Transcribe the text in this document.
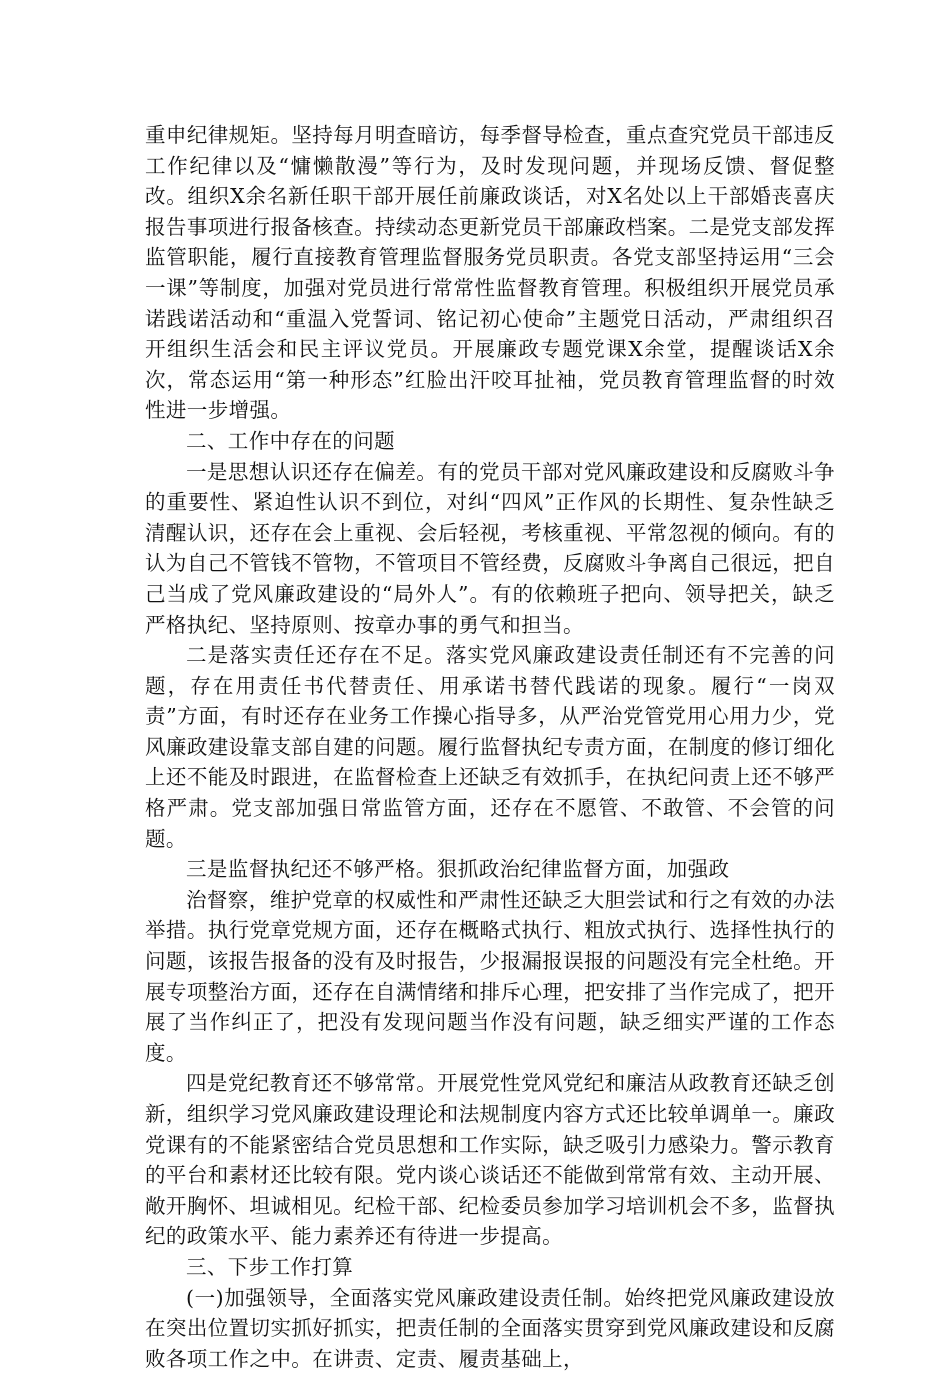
重申纪律规矩。坚持每月明查暗访，每季督导检查，重点查究党员干部违反工作纪律以及“慵懒散漫”等行为，及时发现问题，并现场反馈、督促整改。组织X余名新任职干部开展任前廉政谈话，对X名处以上干部婚丧喜庆报告事项进行报备核查。持续动态更新党员干部廉政档案。二是党支部发挥监管职能，履行直接教育管理监督服务党员职责。各党支部坚持运用“三会一课”等制度，加强对党员进行常常性监督教育管理。积极组织开展党员承诺践诺活动和“重温入党誓词、铭记初心使命”主题党日活动，严肃组织召开组织生活会和民主评议党员。开展廉政专题党课X余堂，提醒谈话X余次，常态运用“第一种形态”红脸出汗咬耳扯袖，党员教育管理监督的时效性进一步增强。

二、工作中存在的问题

一是思想认识还存在偏差。有的党员干部对党风廉政建设和反腐败斗争的重要性、紧迫性认识不到位，对纠“四风”正作风的长期性、复杂性缺乏清醒认识，还存在会上重视、会后轻视，考核重视、平常忽视的倾向。有的认为自己不管钱不管物，不管项目不管经费，反腐败斗争离自己很远，把自己当成了党风廉政建设的“局外人”。有的依赖班子把向、领导把关，缺乏严格执纪、坚持原则、按章办事的勇气和担当。

二是落实责任还存在不足。落实党风廉政建设责任制还有不完善的问题，存在用责任书代替责任、用承诺书替代践诺的现象。履行“一岗双责”方面，有时还存在业务工作操心指导多，从严治党管党用心用力少，党风廉政建设靠支部自建的问题。履行监督执纪专责方面，在制度的修订细化上还不能及时跟进，在监督检查上还缺乏有效抓手，在执纪问责上还不够严格严肃。党支部加强日常监管方面，还存在不愿管、不敢管、不会管的问题。

三是监督执纪还不够严格。狠抓政治纪律监督方面，加强政

治督察，维护党章的权威性和严肃性还缺乏大胆尝试和行之有效的办法举措。执行党章党规方面，还存在概略式执行、粗放式执行、选择性执行的问题，该报告报备的没有及时报告，少报漏报误报的问题没有完全杜绝。开展专项整治方面，还存在自满情绪和排斥心理，把安排了当作完成了，把开展了当作纠正了，把没有发现问题当作没有问题，缺乏细实严谨的工作态度。

四是党纪教育还不够常常。开展党性党风党纪和廉洁从政教育还缺乏创新，组织学习党风廉政建设理论和法规制度内容方式还比较单调单一。廉政党课有的不能紧密结合党员思想和工作实际，缺乏吸引力感染力。警示教育的平台和素材还比较有限。党内谈心谈话还不能做到常常有效、主动开展、敞开胸怀、坦诚相见。纪检干部、纪检委员参加学习培训机会不多，监督执纪的政策水平、能力素养还有待进一步提高。

三、下步工作打算

(一)加强领导，全面落实党风廉政建设责任制。始终把党风廉政建设放在突出位置切实抓好抓实，把责任制的全面落实贯穿到党风廉政建设和反腐败各项工作之中。在讲责、定责、履责基础上，
